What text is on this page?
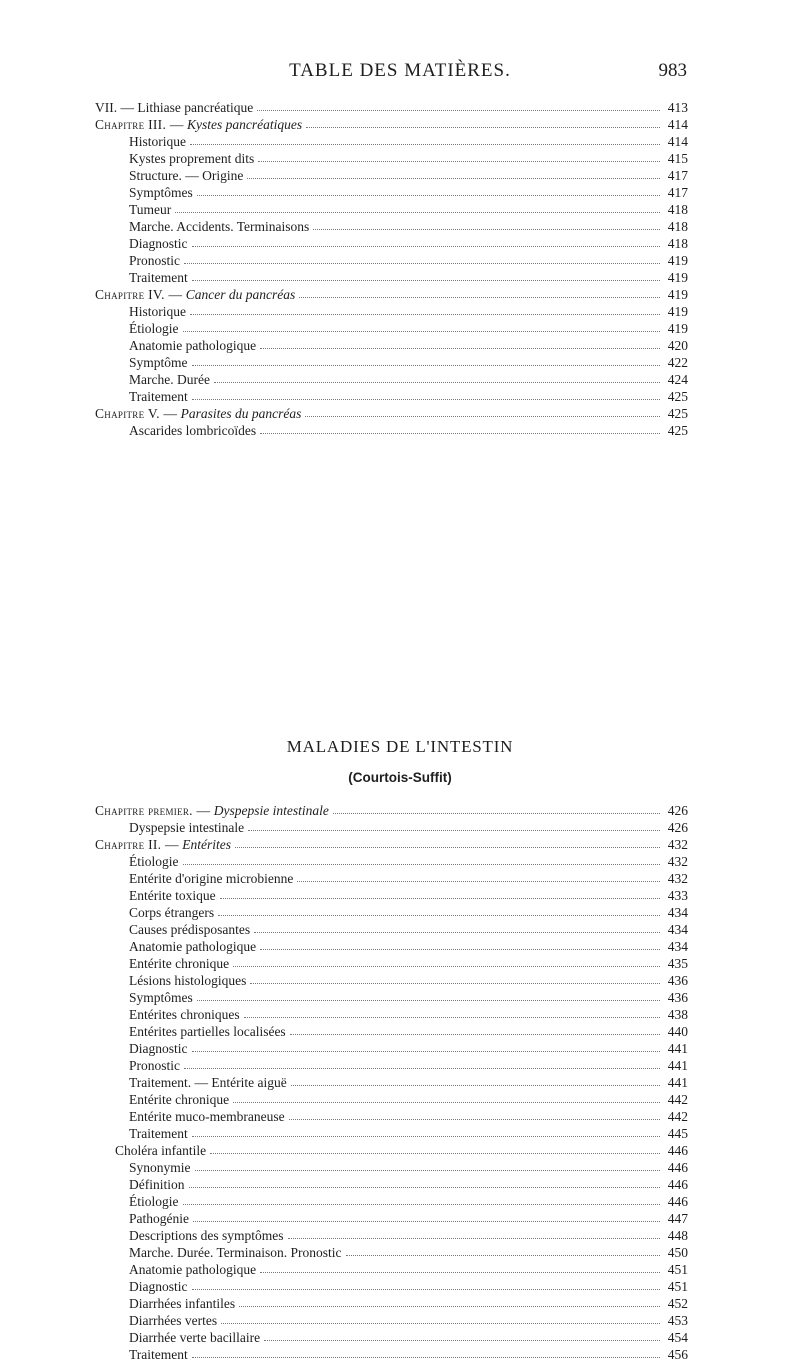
TABLE DES MATIÈRES.	983
VII. — Lithiase pancréatique	413
Chapitre III. — Kystes pancréatiques	414
Historique	414
Kystes proprement dits	415
Structure. — Origine	417
Symptômes	417
Tumeur	418
Marche. Accidents. Terminaisons	418
Diagnostic	418
Pronostic	419
Traitement	419
Chapitre IV. — Cancer du pancréas	419
Historique	419
Étiologie	419
Anatomie pathologique	420
Symptôme	422
Marche. Durée	424
Traitement	425
Chapitre V. — Parasites du pancréas	425
Ascarides lombricoïdes	425
MALADIES DE L'INTESTIN
(Courtois-Suffit)
Chapitre premier. — Dyspepsie intestinale	426
Dyspepsie intestinale	426
Chapitre II. — Entérites	432
Étiologie	432
Entérite d'origine microbienne	432
Entérite toxique	433
Corps étrangers	434
Causes prédisposantes	434
Anatomie pathologique	434
Entérite chronique	435
Lésions histologiques	436
Symptômes	436
Entérites chroniques	438
Entérites partielles localisées	440
Diagnostic	441
Pronostic	441
Traitement. — Entérite aiguë	441
Entérite chronique	442
Entérite muco-membraneuse	442
Traitement	445
Choléra infantile	446
Synonymie	446
Définition	446
Étiologie	446
Pathogénie	447
Descriptions des symptômes	448
Marche. Durée. Terminaison. Pronostic	450
Anatomie pathologique	451
Diagnostic	451
Diarrhées infantiles	452
Diarrhées vertes	453
Diarrhée verte bacillaire	454
Traitement	456
